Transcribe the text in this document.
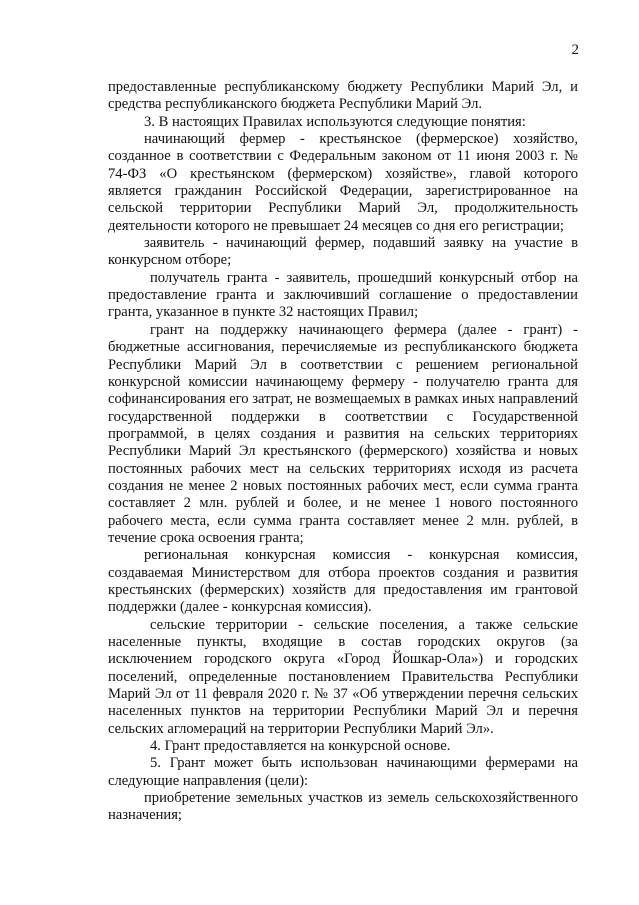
2

предоставленные республиканскому бюджету Республики Марий Эл, и средства республиканского бюджета Республики Марий Эл.

3. В настоящих Правилах используются следующие понятия:

начинающий фермер - крестьянское (фермерское) хозяйство, созданное в соответствии с Федеральным законом от 11 июня 2003 г. № 74-ФЗ «О крестьянском (фермерском) хозяйстве», главой которого является гражданин Российской Федерации, зарегистрированное на сельской территории Республики Марий Эл, продолжительность деятельности которого не превышает 24 месяцев со дня его регистрации;

заявитель - начинающий фермер, подавший заявку на участие в конкурсном отборе;

получатель гранта - заявитель, прошедший конкурсный отбор на предоставление гранта и заключивший соглашение о предоставлении гранта, указанное в пункте 32 настоящих Правил;

грант на поддержку начинающего фермера (далее - грант) - бюджетные ассигнования, перечисляемые из республиканского бюджета Республики Марий Эл в соответствии с решением региональной конкурсной комиссии начинающему фермеру - получателю гранта для софинансирования его затрат, не возмещаемых в рамках иных направлений государственной поддержки в соответствии с Государственной программой, в целях создания и развития на сельских территориях Республики Марий Эл крестьянского (фермерского) хозяйства и новых постоянных рабочих мест на сельских территориях исходя из расчета создания не менее 2 новых постоянных рабочих мест, если сумма гранта составляет 2 млн. рублей и более, и не менее 1 нового постоянного рабочего места, если сумма гранта составляет менее 2 млн. рублей, в течение срока освоения гранта;

региональная конкурсная комиссия - конкурсная комиссия, создаваемая Министерством для отбора проектов создания и развития крестьянских (фермерских) хозяйств для предоставления им грантовой поддержки (далее - конкурсная комиссия).

сельские территории - сельские поселения, а также сельские населенные пункты, входящие в состав городских округов (за исключением городского округа «Город Йошкар-Ола») и городских поселений, определенные постановлением Правительства Республики Марий Эл от 11 февраля 2020 г. № 37 «Об утверждении перечня сельских населенных пунктов на территории Республики Марий Эл и перечня сельских агломераций на территории Республики Марий Эл».

4. Грант предоставляется на конкурсной основе.

5. Грант может быть использован начинающими фермерами на следующие направления (цели):

приобретение земельных участков из земель сельскохозяйственного назначения;
